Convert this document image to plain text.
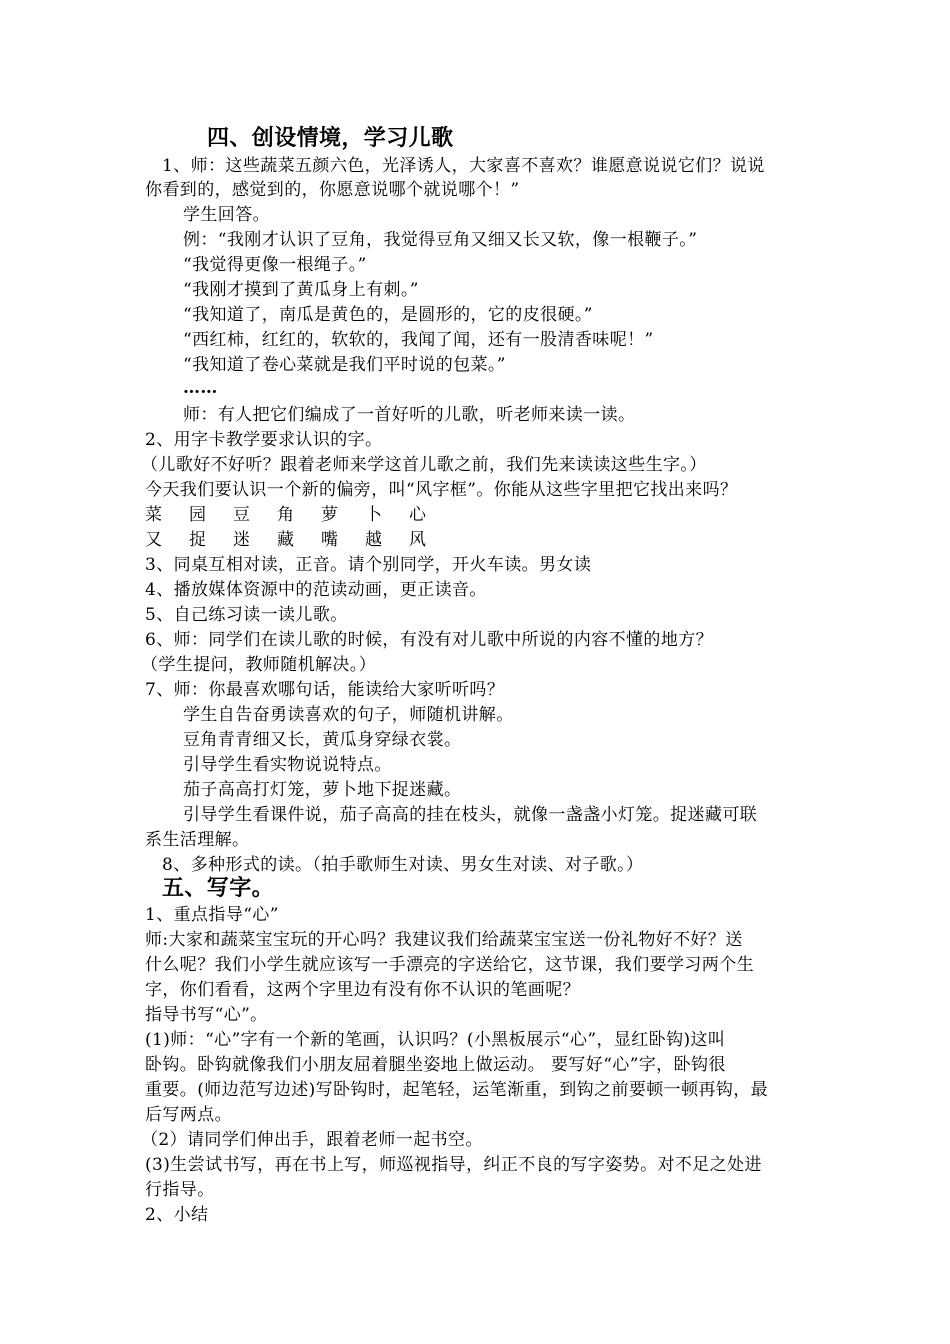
四、创设情境，学习儿歌
1、师：这些蔬菜五颜六色，光泽诱人，大家喜不喜欢？谁愿意说说它们？说说
你看到的，感觉到的，你愿意说哪个就说哪个！”
学生回答。
例：“我刚才认识了豆角，我觉得豆角又细又长又软，像一根鞭子。”
“我觉得更像一根绳子。”
“我刚才摸到了黄瓜身上有刺。”
“我知道了，南瓜是黄色的，是圆形的，它的皮很硬。”
“西红柿，红红的，软软的，我闻了闻，还有一股清香味呢！”
“我知道了卷心菜就是我们平时说的包菜。”
……
师：有人把它们编成了一首好听的儿歌，听老师来读一读。
2、用字卡教学要求认识的字。
（儿歌好不好听？跟着老师来学这首儿歌之前，我们先来读读这些生字。）
今天我们要认识一个新的偏旁，叫“风字框”。你能从这些字里把它找出来吗？
菜 园 豆 角 萝 卜 心
又 捉 迷 藏 嘴 越 风
3、同桌互相对读，正音。请个别同学，开火车读。男女读
4、播放媒体资源中的范读动画，更正读音。
5、自己练习读一读儿歌。
6、师：同学们在读儿歌的时候，有没有对儿歌中所说的内容不懂的地方？
（学生提问，教师随机解决。）
7、师：你最喜欢哪句话，能读给大家听听吗？
学生自告奋勇读喜欢的句子，师随机讲解。
豆角青青细又长，黄瓜身穿绿衣裳。
引导学生看实物说说特点。
茄子高高打灯笼，萝卜地下捉迷藏。
引导学生看课件说，茄子高高的挂在枝头，就像一盏盏小灯笼。捉迷藏可联
系生活理解。
8、多种形式的读。（拍手歌师生对读、男女生对读、对子歌。）
五、写字。
1、重点指导“心”
师:大家和蔬菜宝宝玩的开心吗？我建议我们给蔬菜宝宝送一份礼物好不好？送
什么呢？我们小学生就应该写一手漂亮的字送给它，这节课，我们要学习两个生
字，你们看看，这两个字里边有没有你不认识的笔画呢？
指导书写“心”。
(1)师：“心”字有一个新的笔画，认识吗？(小黑板展示“心”，显红卧钩)这叫
卧钩。卧钩就像我们小朋友屈着腿坐姿地上做运动。 要写好“心”字，卧钩很
重要。(师边范写边述)写卧钩时，起笔轻，运笔渐重，到钩之前要顿一顿再钩，最
后写两点。
（2）请同学们伸出手，跟着老师一起书空。
(3)生尝试书写，再在书上写，师巡视指导，纠正不良的写字姿势。对不足之处进
行指导。
2、小结
